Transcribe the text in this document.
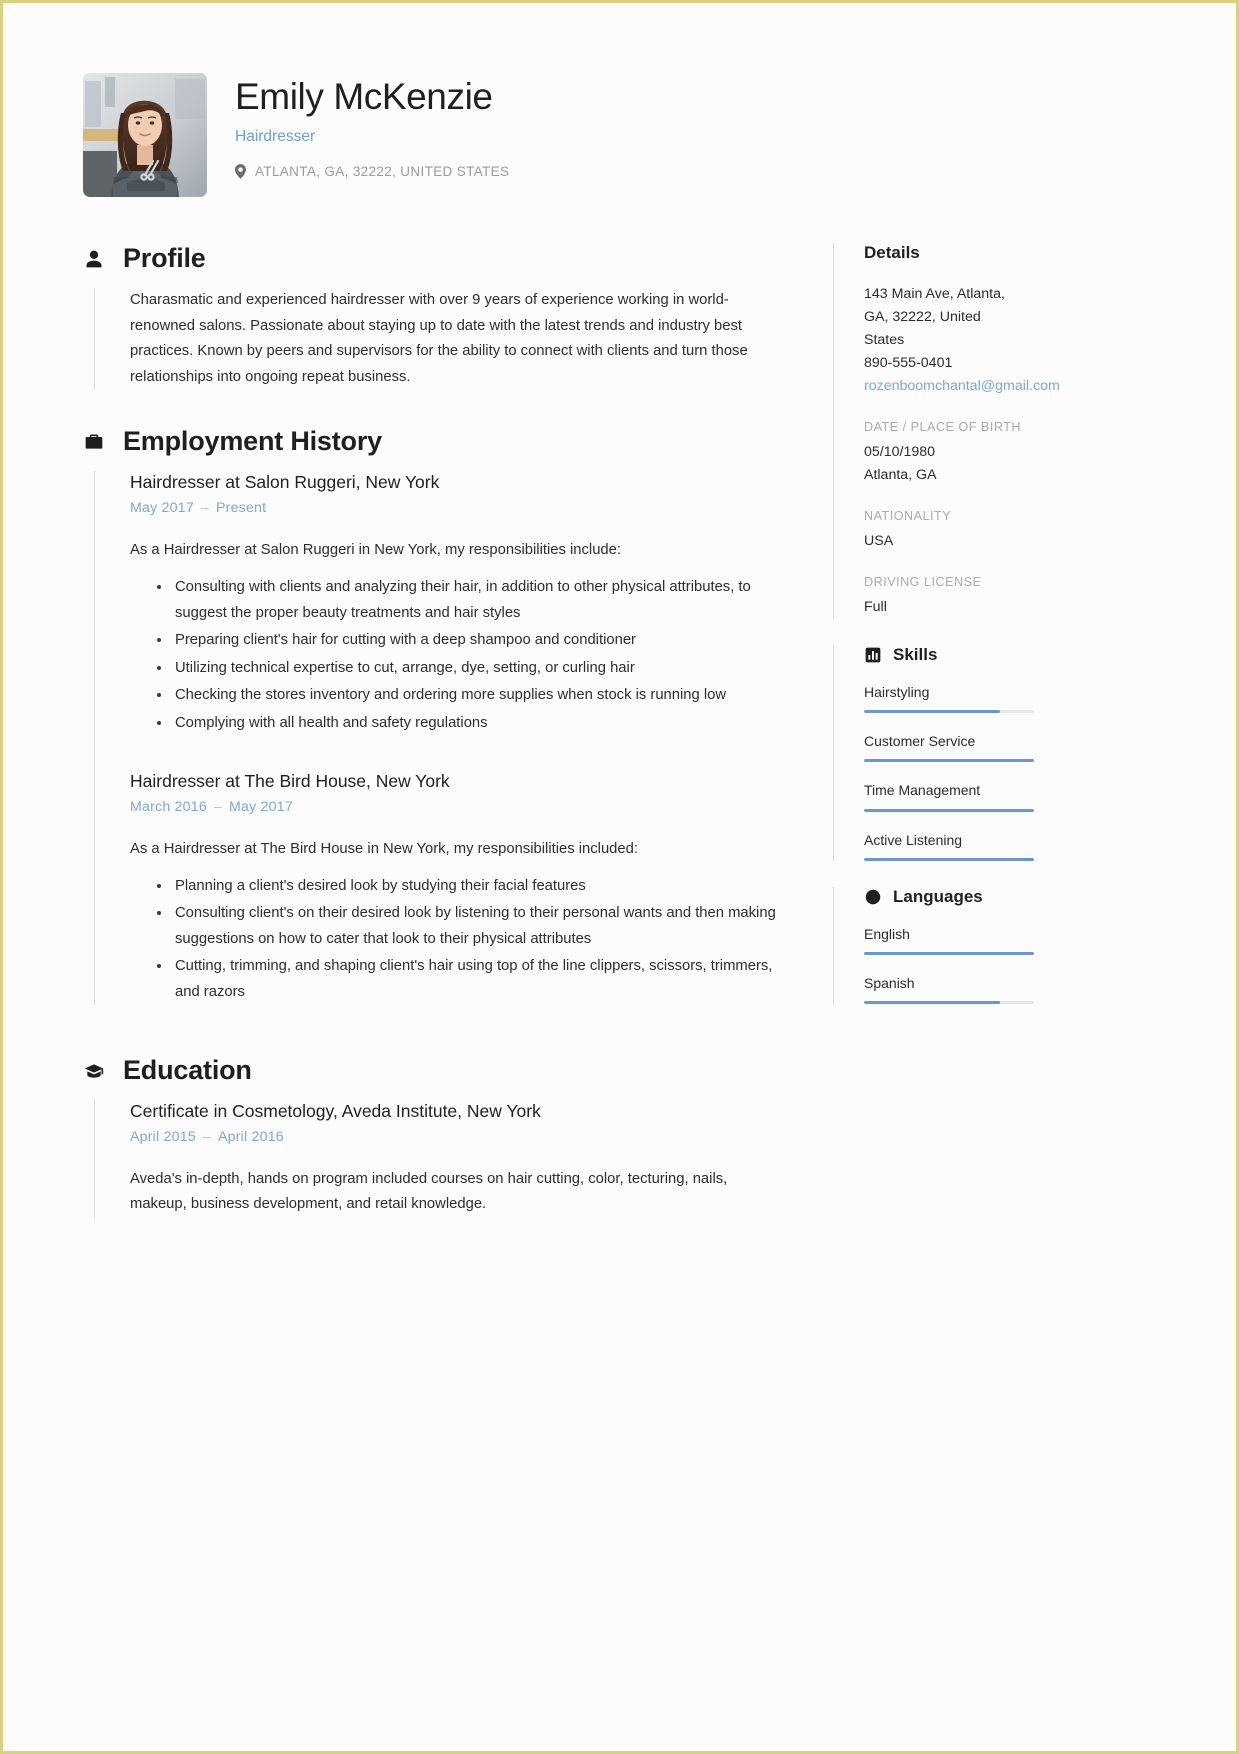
Emily McKenzie
Hairdresser
ATLANTA, GA, 32222, UNITED STATES
Profile

Charasmatic and experienced hairdresser with over 9 years of experience working in world-renowned salons. Passionate about staying up to date with the latest trends and industry best practices. Known by peers and supervisors for the ability to connect with clients and turn those relationships into ongoing repeat business.

Employment History
Hairdresser at Salon Ruggeri, New York
May 2017 – Present

As a Hairdresser at Salon Ruggeri in New York, my responsibilities include:

Consulting with clients and analyzing their hair, in addition to other physical attributes, to suggest the proper beauty treatments and hair styles
Preparing client's hair for cutting with a deep shampoo and conditioner
Utilizing technical expertise to cut, arrange, dye, setting, or curling hair
Checking the stores inventory and ordering more supplies when stock is running low
Complying with all health and safety regulations
Hairdresser at The Bird House, New York
March 2016 – May 2017

As a Hairdresser at The Bird House in New York, my responsibilities included:

Planning a client's desired look by studying their facial features
Consulting client's on their desired look by listening to their personal wants and then making suggestions on how to cater that look to their physical attributes
Cutting, trimming, and shaping client's hair using top of the line clippers, scissors, trimmers, and razors
Education
Certificate in Cosmetology, Aveda Institute, New York
April 2015 – April 2016

Aveda's in-depth, hands on program included courses on hair cutting, color, tecturing, nails, makeup, business development, and retail knowledge.

Details
143 Main Ave, Atlanta,
GA, 32222, United
States
890-555-0401
rozenboomchantal@gmail.com
DATE / PLACE OF BIRTH
05/10/1980
Atlanta, GA
NATIONALITY
USA
DRIVING LICENSE
Full
Skills
Hairstyling
Customer Service
Time Management
Active Listening
Languages
English
Spanish
